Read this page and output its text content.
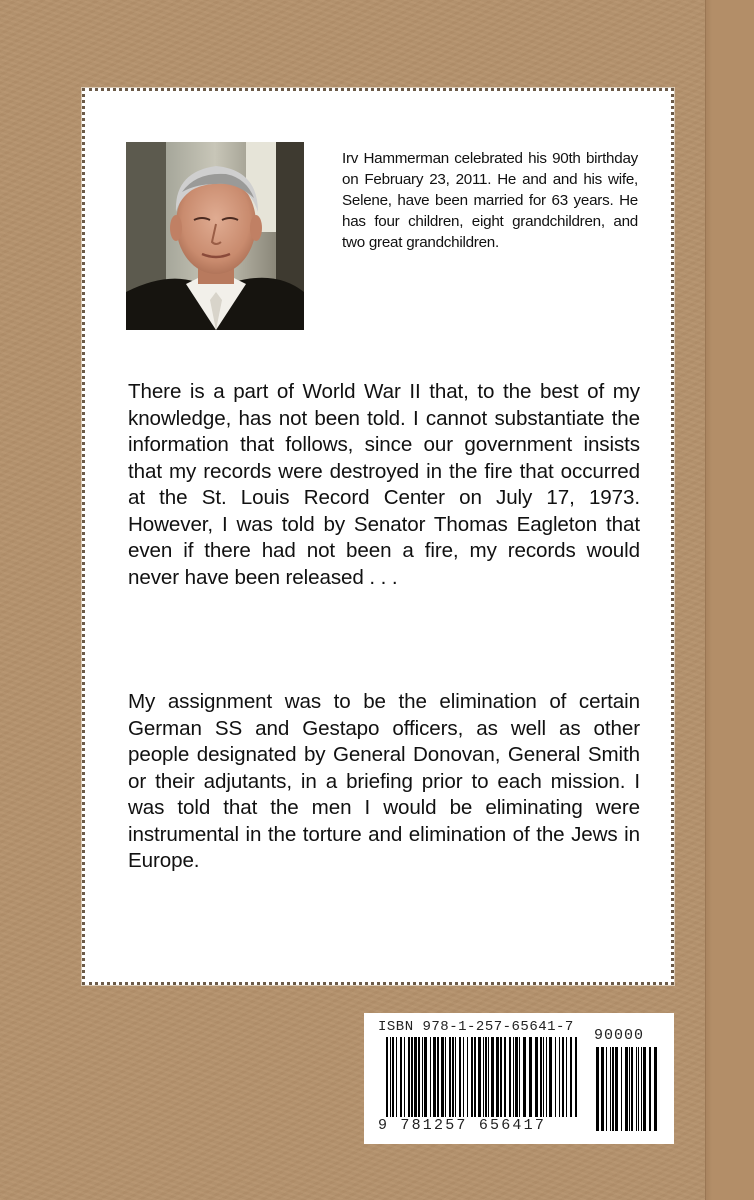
Irv Hammerman celebrated his 90th birthday on February 23, 2011. He and and his wife, Selene, have been married for 63 years. He has four children, eight grandchildren, and two great grandchildren.
There is a part of World War II that, to the best of my knowledge, has not been told. I cannot substantiate the information that follows, since our government insists that my records were destroyed in the fire that occurred at the St. Louis Record Center on July 17, 1973. However, I was told by Senator Thomas Eagleton that even if there had not been a fire, my records would never have been released . . .
My assignment was to be the elimination of certain German SS and Gestapo officers, as well as other people designated by General Donovan, General Smith or their adjutants, in a briefing prior to each mission. I was told that the men I would be eliminating were instrumental in the torture and elimination of the Jews in Europe.
ISBN 978-1-257-65641-7 90000
9 781257 656417
